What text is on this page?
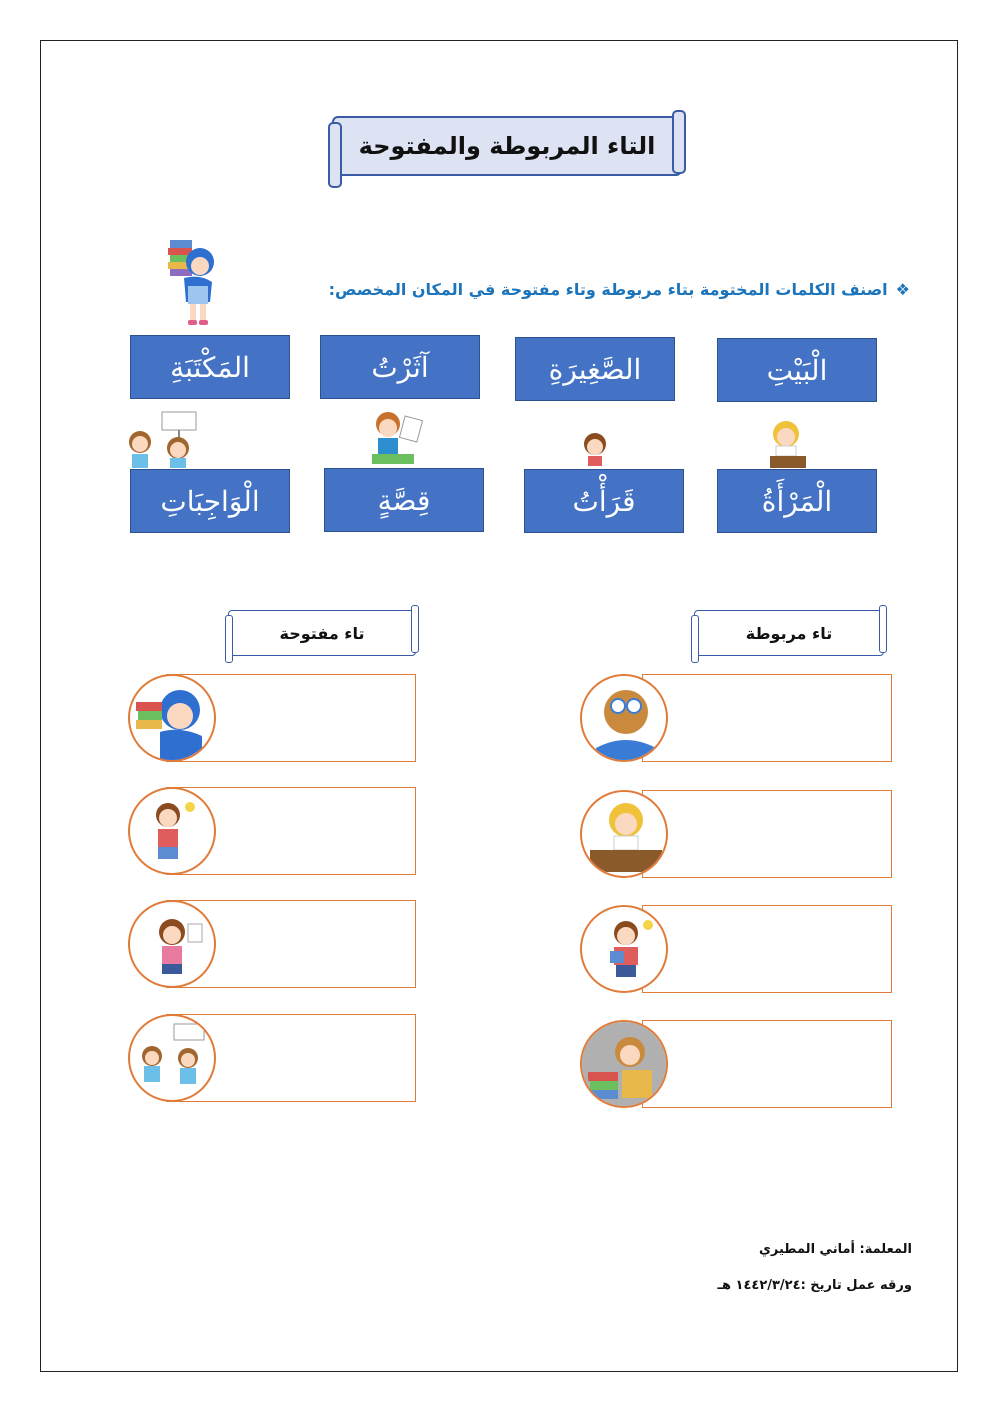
التاء المربوطة والمفتوحة
❖
اصنف الكلمات المختومة بتاء مربوطة وتاء مفتوحة في المكان المخصص:
المَكْتَبَةِ	آثَرْتُ	الصَّغِيرَةِ	الْبَيْتِ
الْوَاجِبَاتِ	قِصَّةٍ	قَرَأْتُ	الْمَرْأَةُ
تاء مفتوحة	تاء مربوطة
المعلمة: أماني المطيري
ورقه عمل تاريخ :١٤٤٢/٣/٢٤ هـ
